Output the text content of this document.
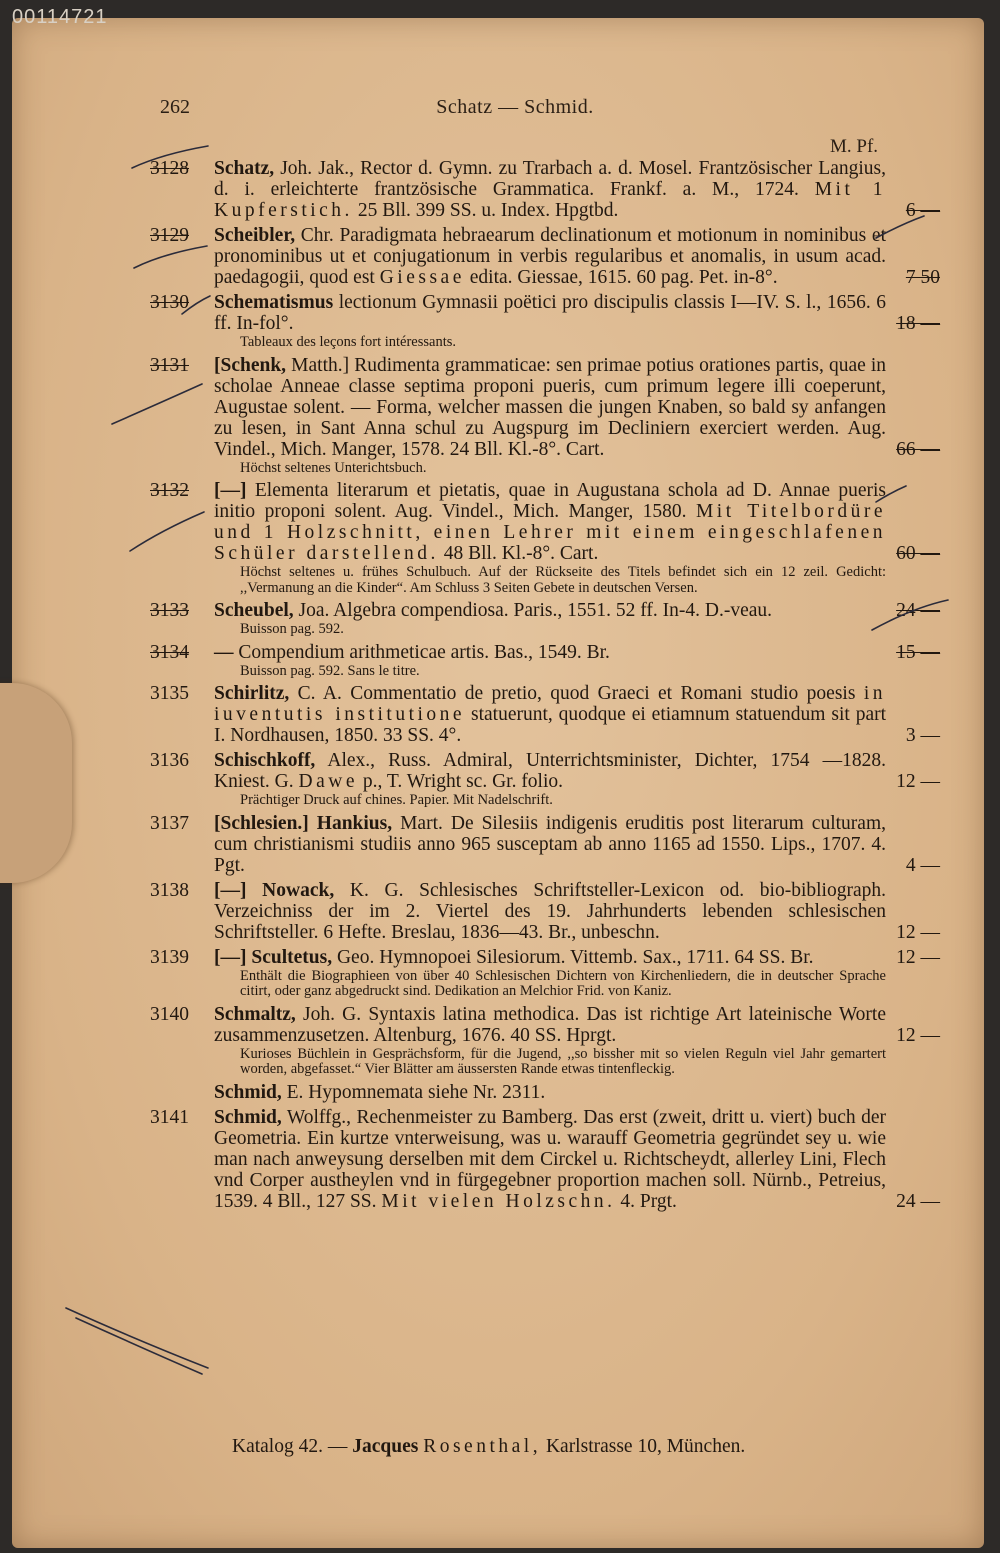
00114721
262	Schatz — Schmid.
M. Pf.
3128	Schatz, Joh. Jak., Rector d. Gymn. zu Trarbach a. d. Mosel. Frantzösischer Langius, d. i. erleichterte frantzösische Grammatica. Frankf. a. M., 1724. Mit 1 Kupferstich. 25 Bll. 399 SS. u. Index. Hpgtbd.	6 —
3129	Scheibler, Chr. Paradigmata hebraearum declinationum et motionum in nominibus et pronominibus ut et conjugationum in verbis regularibus et anomalis, in usum acad. paedagogii, quod est Giessae edita. Giessae, 1615. 60 pag. Pet. in-8°.	7 50
3130	Schematismus lectionum Gymnasii poëtici pro discipulis classis I—IV. S. l., 1656. 6 ff. In-fol°.	18 —
Tableaux des leçons fort intéressants.
3131	[Schenk, Matth.] Rudimenta grammaticae: sen primae potius orationes partis, quae in scholae Anneae classe septima proponi pueris, cum primum legere illi coeperunt, Augustae solent. — Forma, welcher massen die jungen Knaben, so bald sy anfangen zu lesen, in Sant Anna schul zu Augspurg im Decliniern exerciert werden. Aug. Vindel., Mich. Manger, 1578. 24 Bll. Kl.-8°. Cart.	66 —
Höchst seltenes Unterichtsbuch.
3132	[—] Elementa literarum et pietatis, quae in Augustana schola ad D. Annae pueris initio proponi solent. Aug. Vindel., Mich. Manger, 1580. Mit Titelbordüre und 1 Holzschnitt, einen Lehrer mit einem eingeschlafenen Schüler darstellend. 48 Bll. Kl.-8°. Cart.	60 —
Höchst seltenes u. frühes Schulbuch. Auf der Rückseite des Titels befindet sich ein 12 zeil. Gedicht: ,,Vermanung an die Kinder“. Am Schluss 3 Seiten Gebete in deutschen Versen.
3133	Scheubel, Joa. Algebra compendiosa. Paris., 1551. 52 ff. In-4. D.-veau.	24 —
Buisson pag. 592.
3134	— Compendium arithmeticae artis. Bas., 1549. Br.	15 —
Buisson pag. 592. Sans le titre.
3135	Schirlitz, C. A. Commentatio de pretio, quod Graeci et Romani studio poesis in iuventutis institutione statuerunt, quodque ei etiamnum statuendum sit part I. Nordhausen, 1850. 33 SS. 4°.	3 —
3136	Schischkoff, Alex., Russ. Admiral, Unterrichtsminister, Dichter, 1754 —1828. Kniest. G. Dawe p., T. Wright sc. Gr. folio.	12 —
Prächtiger Druck auf chines. Papier. Mit Nadelschrift.
3137	[Schlesien.] Hankius, Mart. De Silesiis indigenis eruditis post literarum culturam, cum christianismi studiis anno 965 susceptam ab anno 1165 ad 1550. Lips., 1707. 4. Pgt.	4 —
3138	[—] Nowack, K. G. Schlesisches Schriftsteller-Lexicon od. bio-bibliograph. Verzeichniss der im 2. Viertel des 19. Jahrhunderts lebenden schlesischen Schriftsteller. 6 Hefte. Breslau, 1836—43. Br., unbeschn.	12 —
3139	[—] Scultetus, Geo. Hymnopoei Silesiorum. Vittemb. Sax., 1711. 64 SS. Br.	12 —
Enthält die Biographieen von über 40 Schlesischen Dichtern von Kirchenliedern, die in deutscher Sprache citirt, oder ganz abgedruckt sind. Dedikation an Melchior Frid. von Kaniz.
3140	Schmaltz, Joh. G. Syntaxis latina methodica. Das ist richtige Art lateinische Worte zusammenzusetzen. Altenburg, 1676. 40 SS. Hprgt.	12 —
Kurioses Büchlein in Gesprächsform, für die Jugend, ,,so bissher mit so vielen Reguln viel Jahr gemartert worden, abgefasset.“ Vier Blätter am äussersten Rande etwas tintenfleckig.
Schmid, E. Hypomnemata siehe Nr. 2311.
3141	Schmid, Wolffg., Rechenmeister zu Bamberg. Das erst (zweit, dritt u. viert) buch der Geometria. Ein kurtze vnterweisung, was u. warauff Geometria gegründet sey u. wie man nach anweysung derselben mit dem Circkel u. Richtscheydt, allerley Lini, Flech vnd Corper austheylen vnd in fürgegebner proportion machen soll. Nürnb., Petreius, 1539. 4 Bll., 127 SS. Mit vielen Holzschn. 4. Prgt.	24 —
Katalog 42. — Jacques Rosenthal, Karlstrasse 10, München.
